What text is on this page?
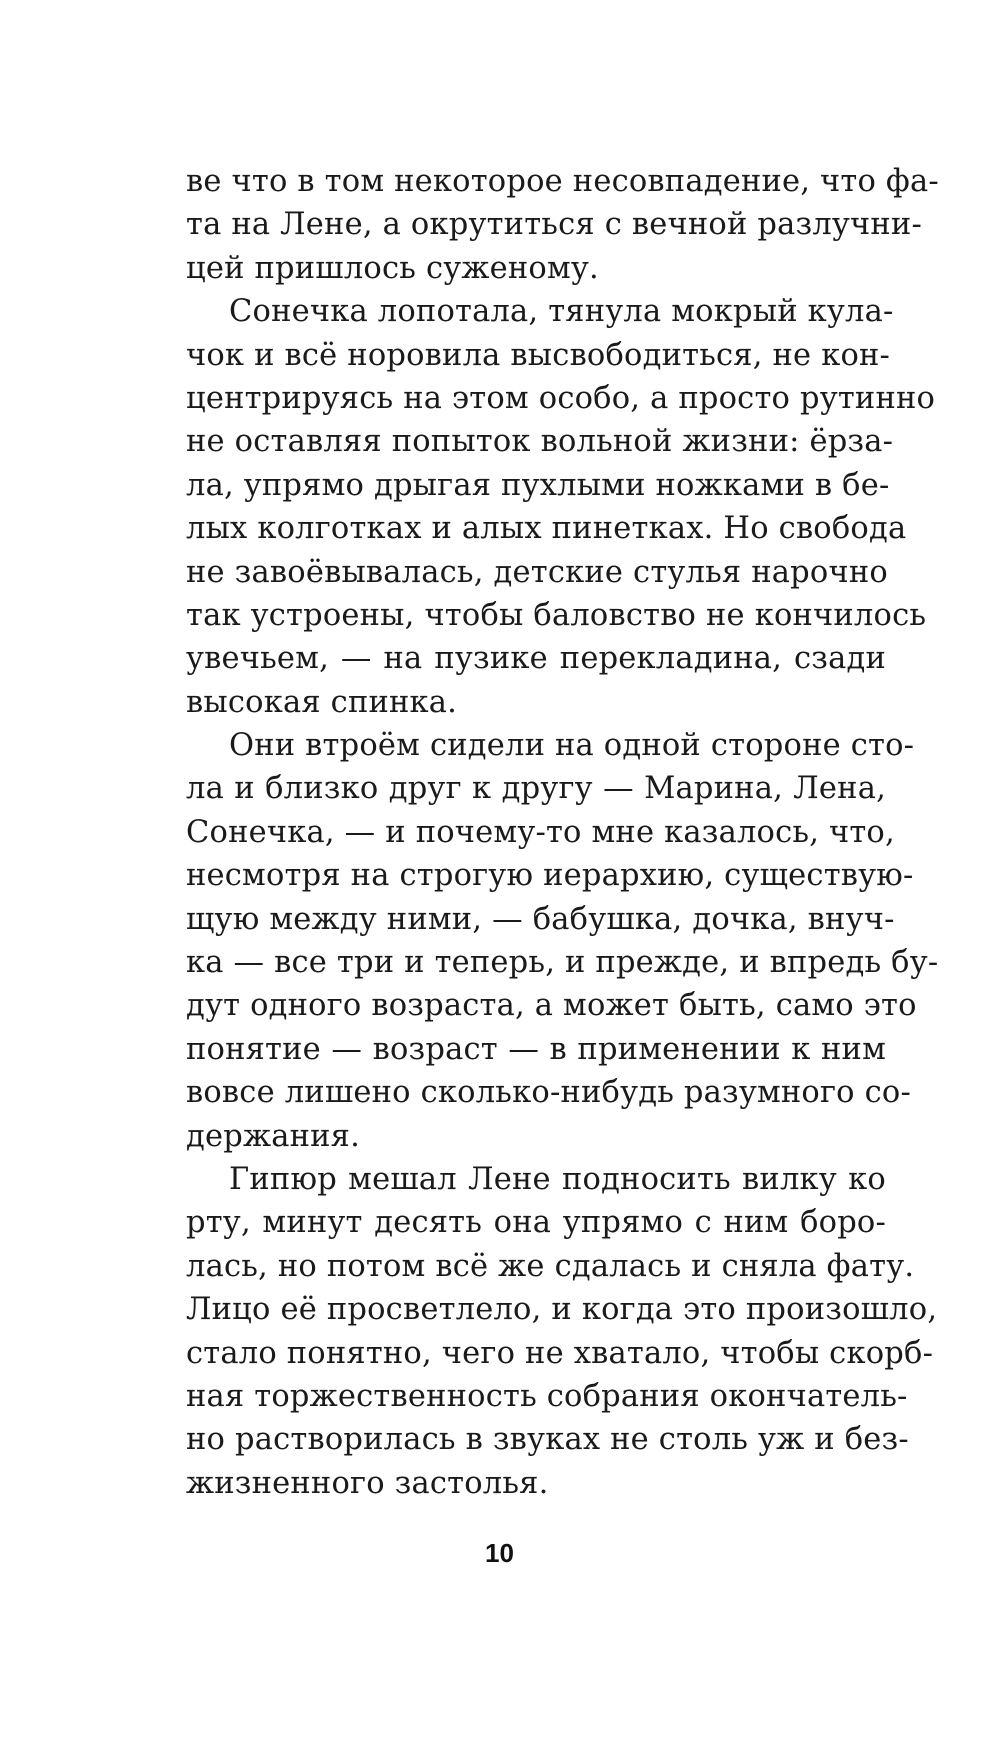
ве что в том некоторое несовпадение, что фа-
та на Лене, а окрутиться с вечной разлучни-
цей пришлось суженому.
Сонечка лопотала, тянула мокрый кула-
чок и всё норовила высвободиться, не кон-
центрируясь на этом особо, а просто рутинно
не оставляя попыток вольной жизни: ёрза-
ла, упрямо дрыгая пухлыми ножками в бе-
лых колготках и алых пинетках. Но свобода
не завоёвывалась, детские стулья нарочно
так устроены, чтобы баловство не кончилось
увечьем, — на пузике перекладина, сзади
высокая спинка.
Они втроём сидели на одной стороне сто-
ла и близко друг к другу — Марина, Лена,
Сонечка, — и почему-то мне казалось, что,
несмотря на строгую иерархию, существую-
щую между ними, — бабушка, дочка, внуч-
ка — все три и теперь, и прежде, и впредь бу-
дут одного возраста, а может быть, само это
понятие — возраст — в применении к ним
вовсе лишено сколько-нибудь разумного со-
держания.
Гипюр мешал Лене подносить вилку ко
рту, минут десять она упрямо с ним боро-
лась, но потом всё же сдалась и сняла фату.
Лицо её просветлело, и когда это произошло,
стало понятно, чего не хватало, чтобы скорб-
ная торжественность собрания окончатель-
но растворилась в звуках не столь уж и без-
жизненного застолья.
10
